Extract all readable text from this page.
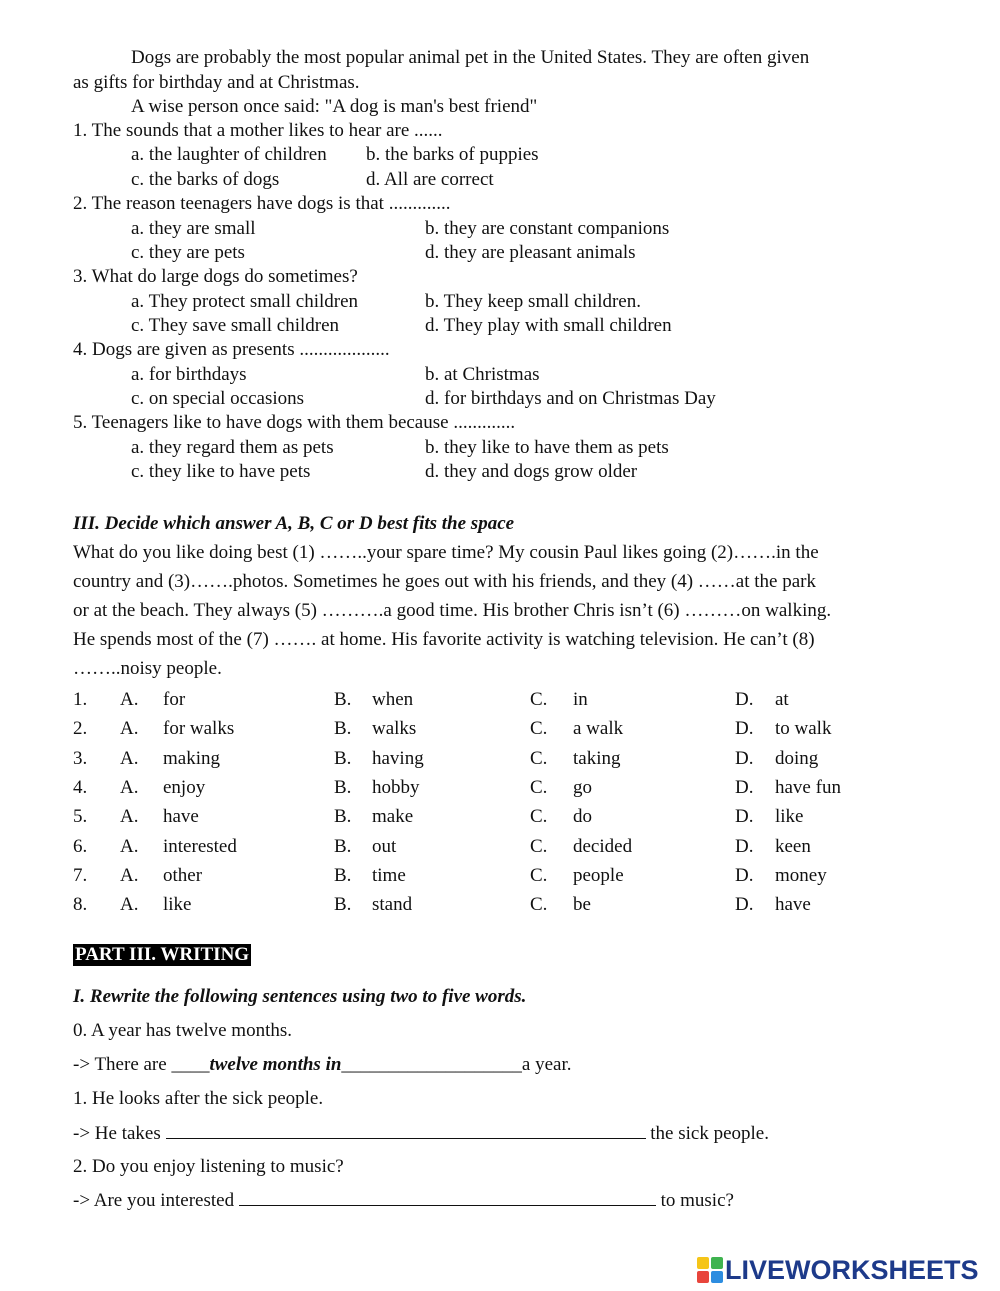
Dogs are probably the most popular animal pet in the United States. They are often given
as gifts for birthday and at Christmas.
A wise person once said: "A dog is man's best friend"
1. The sounds that a mother likes to hear are ......
a. the laughter of children b. the barks of puppies
c. the barks of dogs	d. All are correct
2. The reason teenagers have dogs is that .............
a. they are small	b. they are constant companions
c. they are pets	d. they are pleasant animals
3. What do large dogs do sometimes?
a. They protect small children	b. They keep small children.
c. They save small children	d. They play with small children
4. Dogs are given as presents ...................
a. for birthdays	b. at Christmas
c. on special occasions	d. for birthdays and on Christmas Day
5. Teenagers like to have dogs with them because .............
a. they regard them as pets	b. they like to have them as pets
c. they like to have pets	d. they and dogs grow older
III. Decide which answer A, B, C or D best fits the space
What do you like doing best (1) ……..your spare time? My cousin Paul likes going (2)…….in the
country and (3)…….photos. Sometimes he goes out with his friends, and they (4) ……at the park
or at the beach. They always (5) ……….a good time. His brother Chris isn’t (6) ………on walking.
He spends most of the (7) ……. at home. His favorite activity is watching television. He can’t (8)
……..noisy people.
1. A. for	B. when	C. in	D. at
2. A. for walks	B. walks	C. a walk	D. to walk
3. A. making	B. having	C. taking	D. doing
4. A. enjoy	B. hobby	C. go	D. have fun
5. A. have	B. make	C. do	D. like
6. A. interested	B. out	C. decided	D. keen
7. A. other	B. time	C. people	D. money
8. A. like	B. stand	C. be	D. have
PART III. WRITING
I. Rewrite the following sentences using two to five words.
0. A year has twelve months.
-> There are ____twelve months in___________________a year.
1. He looks after the sick people.
-> He takes	the sick people.
2. Do you enjoy listening to music?
-> Are you interested	to music?
LIVEWORKSHEETS
